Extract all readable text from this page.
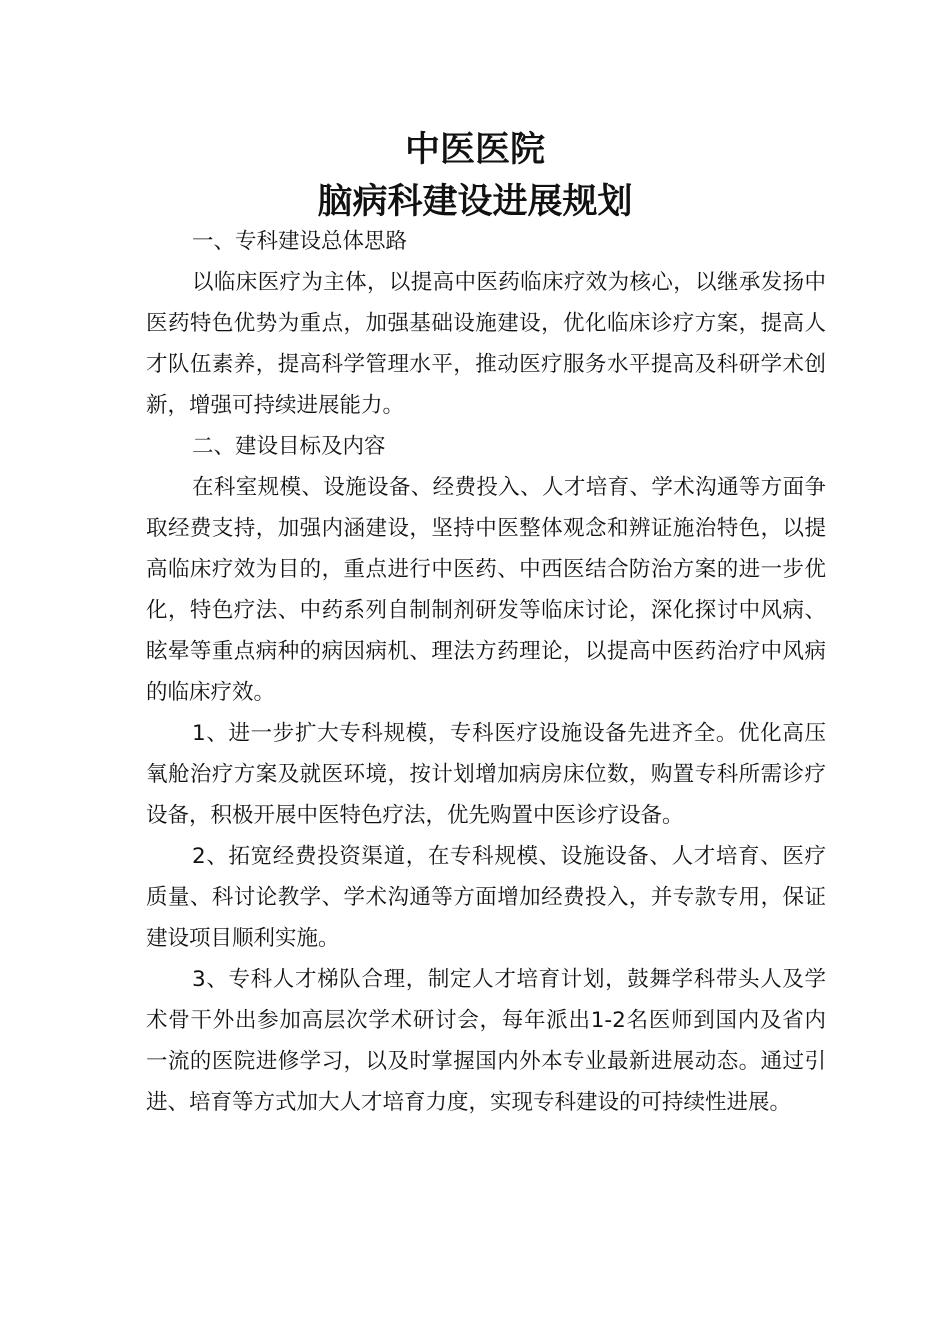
中医医院
脑病科建设进展规划

一、专科建设总体思路

以临床医疗为主体，以提高中医药临床疗效为核心，以继承发扬中医药特色优势为重点，加强基础设施建设，优化临床诊疗方案，提高人才队伍素养，提高科学管理水平，推动医疗服务水平提高及科研学术创新，增强可持续进展能力。

二、建设目标及内容

在科室规模、设施设备、经费投入、人才培育、学术沟通等方面争取经费支持，加强内涵建设，坚持中医整体观念和辨证施治特色，以提高临床疗效为目的，重点进行中医药、中西医结合防治方案的进一步优化，特色疗法、中药系列自制制剂研发等临床讨论，深化探讨中风病、眩晕等重点病种的病因病机、理法方药理论，以提高中医药治疗中风病的临床疗效。

1、进一步扩大专科规模，专科医疗设施设备先进齐全。优化高压氧舱治疗方案及就医环境，按计划增加病房床位数，购置专科所需诊疗设备，积极开展中医特色疗法，优先购置中医诊疗设备。

2、拓宽经费投资渠道，在专科规模、设施设备、人才培育、医疗质量、科讨论教学、学术沟通等方面增加经费投入，并专款专用，保证建设项目顺利实施。

3、专科人才梯队合理，制定人才培育计划，鼓舞学科带头人及学术骨干外出参加高层次学术研讨会，每年派出1-2名医师到国内及省内一流的医院进修学习，以及时掌握国内外本专业最新进展动态。通过引进、培育等方式加大人才培育力度，实现专科建设的可持续性进展。
